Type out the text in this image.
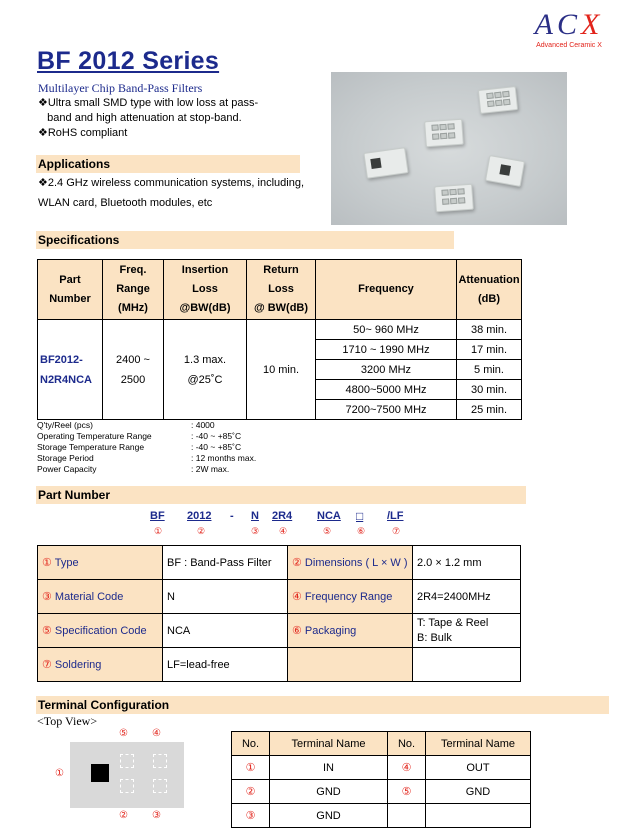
ACX
Advanced Ceramic X
BF 2012 Series
Multilayer Chip Band-Pass Filters
❖Ultra small SMD type with low loss at pass-
band and high attenuation at stop-band.
❖RoHS compliant
Applications
❖2.4 GHz wireless communication systems, including,
WLAN card, Bluetooth modules, etc
Specifications
Part
Number	Freq.
Range
(MHz)	Insertion
Loss
@BW(dB)	Return
Loss
@ BW(dB)	Frequency	Attenuation
(dB)
BF2012-
N2R4NCA	2400 ~
2500	1.3 max.
@25˚C	10 min.	50~ 960 MHz	38 min.
				1710 ~ 1990 MHz	17 min.
				3200 MHz	5 min.
				4800~5000 MHz	30 min.
				7200~7500 MHz	25 min.
Q'ty/Reel (pcs)	: 4000
Operating Temperature Range	: -40 ~ +85˚C
Storage Temperature Range	: -40 ~ +85˚C
Storage Period	: 12 months max.
Power Capacity	: 2W max.
Part Number
BF
①
2012
②
- N
③
2R4
④
NCA
⑤
□
⑥
/LF
⑦
① Type	BF : Band-Pass Filter	② Dimensions ( L × W )	2.0 × 1.2 mm
③ Material Code	N	④ Frequency Range	2R4=2400MHz
⑤ Specification Code	NCA	⑥ Packaging	T: Tape & Reel
B: Bulk
⑦ Soldering	LF=lead-free		
Terminal Configuration
<Top View>
⑤ ④
①
② ③
No.	Terminal Name	No.	Terminal Name
①	IN	④	OUT
②	GND	⑤	GND
③	GND		
